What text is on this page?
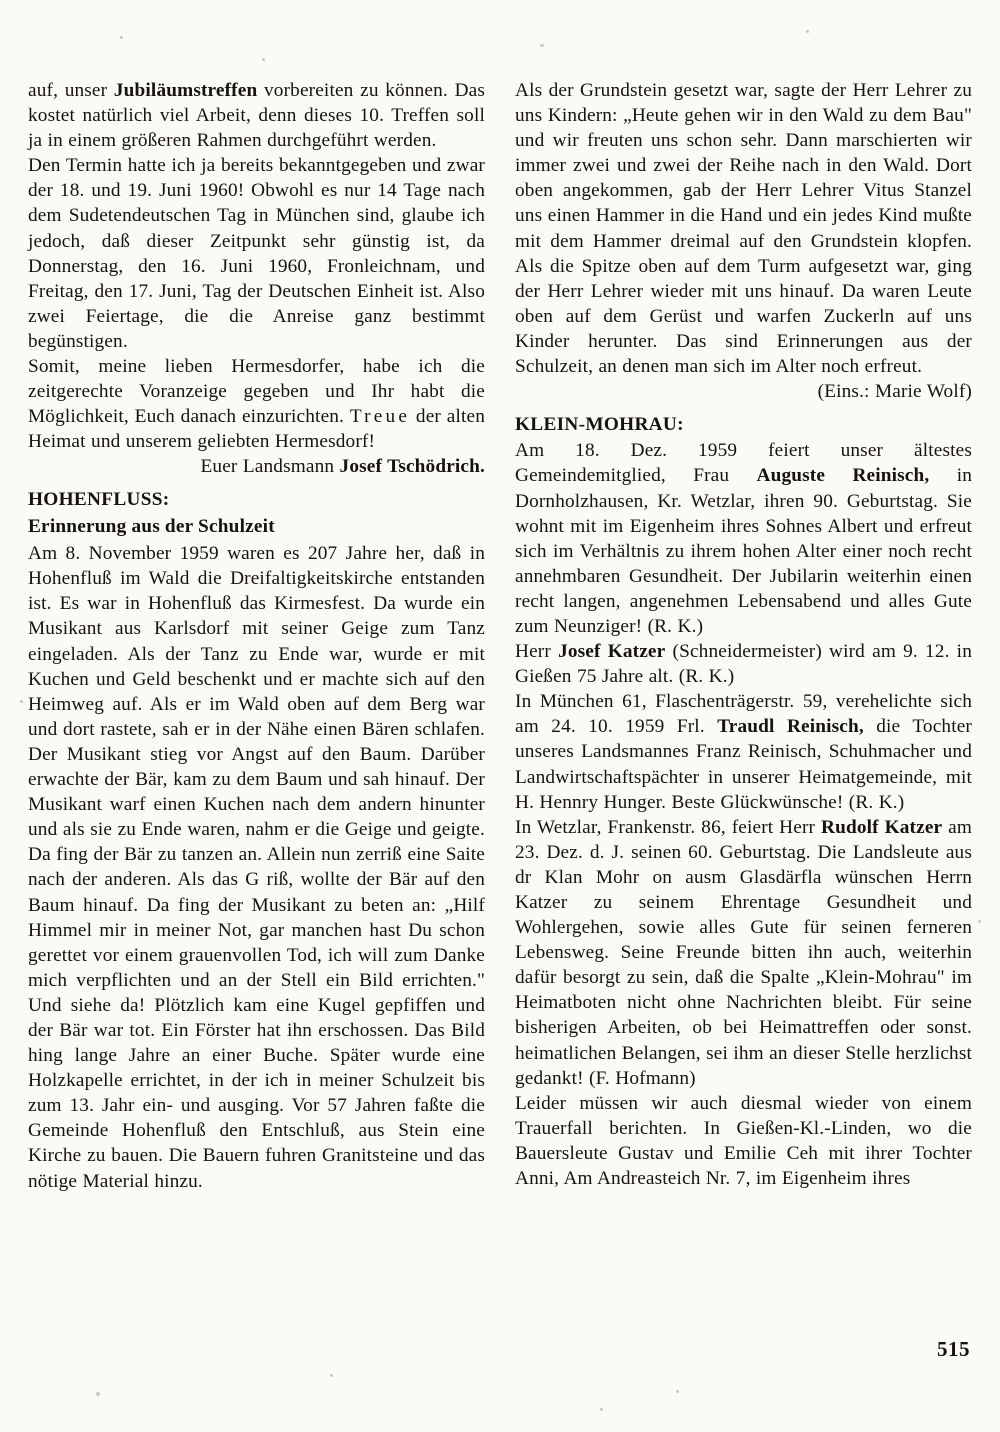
auf, unser Jubiläumstreffen vorbereiten zu können. Das kostet natürlich viel Arbeit, denn dieses 10. Treffen soll ja in einem größeren Rahmen durchgeführt werden.

Den Termin hatte ich ja bereits bekanntgegeben und zwar der 18. und 19. Juni 1960! Obwohl es nur 14 Tage nach dem Sudetendeutschen Tag in München sind, glaube ich jedoch, daß dieser Zeitpunkt sehr günstig ist, da Donnerstag, den 16. Juni 1960, Fronleichnam, und Freitag, den 17. Juni, Tag der Deutschen Einheit ist. Also zwei Feiertage, die die Anreise ganz bestimmt begünstigen.

Somit, meine lieben Hermesdorfer, habe ich die zeitgerechte Voranzeige gegeben und Ihr habt die Möglichkeit, Euch danach einzurichten. Treue der alten Heimat und unserem geliebten Hermesdorf!

Euer Landsmann Josef Tschödrich.

HOHENFLUSS:
Erinnerung aus der Schulzeit

Am 8. November 1959 waren es 207 Jahre her, daß in Hohenfluß im Wald die Dreifaltigkeitskirche entstanden ist. Es war in Hohenfluß das Kirmesfest. Da wurde ein Musikant aus Karlsdorf mit seiner Geige zum Tanz eingeladen. Als der Tanz zu Ende war, wurde er mit Kuchen und Geld beschenkt und er machte sich auf den Heimweg auf. Als er im Wald oben auf dem Berg war und dort rastete, sah er in der Nähe einen Bären schlafen. Der Musikant stieg vor Angst auf den Baum. Darüber erwachte der Bär, kam zu dem Baum und sah hinauf. Der Musikant warf einen Kuchen nach dem andern hinunter und als sie zu Ende waren, nahm er die Geige und geigte. Da fing der Bär zu tanzen an. Allein nun zerriß eine Saite nach der anderen. Als das G riß, wollte der Bär auf den Baum hinauf. Da fing der Musikant zu beten an: „Hilf Himmel mir in meiner Not, gar manchen hast Du schon gerettet vor einem grauenvollen Tod, ich will zum Danke mich verpflichten und an der Stell ein Bild errichten." Und siehe da! Plötzlich kam eine Kugel gepfiffen und der Bär war tot. Ein Förster hat ihn erschossen. Das Bild hing lange Jahre an einer Buche. Später wurde eine Holzkapelle errichtet, in der ich in meiner Schulzeit bis zum 13. Jahr ein- und ausging. Vor 57 Jahren faßte die Gemeinde Hohenfluß den Entschluß, aus Stein eine Kirche zu bauen. Die Bauern fuhren Granitsteine und das nötige Material hinzu.

Als der Grundstein gesetzt war, sagte der Herr Lehrer zu uns Kindern: „Heute gehen wir in den Wald zu dem Bau" und wir freuten uns schon sehr. Dann marschierten wir immer zwei und zwei der Reihe nach in den Wald. Dort oben angekommen, gab der Herr Lehrer Vitus Stanzel uns einen Hammer in die Hand und ein jedes Kind mußte mit dem Hammer dreimal auf den Grundstein klopfen. Als die Spitze oben auf dem Turm aufgesetzt war, ging der Herr Lehrer wieder mit uns hinauf. Da waren Leute oben auf dem Gerüst und warfen Zuckerln auf uns Kinder herunter. Das sind Erinnerungen aus der Schulzeit, an denen man sich im Alter noch erfreut.

(Eins.: Marie Wolf)

KLEIN-MOHRAU:

Am 18. Dez. 1959 feiert unser ältestes Gemeindemitglied, Frau Auguste Reinisch, in Dornholzhausen, Kr. Wetzlar, ihren 90. Geburtstag. Sie wohnt mit im Eigenheim ihres Sohnes Albert und erfreut sich im Verhältnis zu ihrem hohen Alter einer noch recht annehmbaren Gesundheit. Der Jubilarin weiterhin einen recht langen, angenehmen Lebensabend und alles Gute zum Neunziger! (R. K.)

Herr Josef Katzer (Schneidermeister) wird am 9. 12. in Gießen 75 Jahre alt. (R. K.)

In München 61, Flaschenträgerstr. 59, verehelichte sich am 24. 10. 1959 Frl. Traudl Reinisch, die Tochter unseres Landsmannes Franz Reinisch, Schuhmacher und Landwirtschaftspächter in unserer Heimatgemeinde, mit H. Hennry Hunger. Beste Glückwünsche! (R. K.)

In Wetzlar, Frankenstr. 86, feiert Herr Rudolf Katzer am 23. Dez. d. J. seinen 60. Geburtstag. Die Landsleute aus dr Klan Mohr on ausm Glasdärfla wünschen Herrn Katzer zu seinem Ehrentage Gesundheit und Wohlergehen, sowie alles Gute für seinen ferneren Lebensweg. Seine Freunde bitten ihn auch, weiterhin dafür besorgt zu sein, daß die Spalte „Klein-Mohrau" im Heimatboten nicht ohne Nachrichten bleibt. Für seine bisherigen Arbeiten, ob bei Heimattreffen oder sonst. heimatlichen Belangen, sei ihm an dieser Stelle herzlichst gedankt! (F. Hofmann)

Leider müssen wir auch diesmal wieder von einem Trauerfall berichten. In Gießen-Kl.-Linden, wo die Bauersleute Gustav und Emilie Ceh mit ihrer Tochter Anni, Am Andreasteich Nr. 7, im Eigenheim ihres

515
